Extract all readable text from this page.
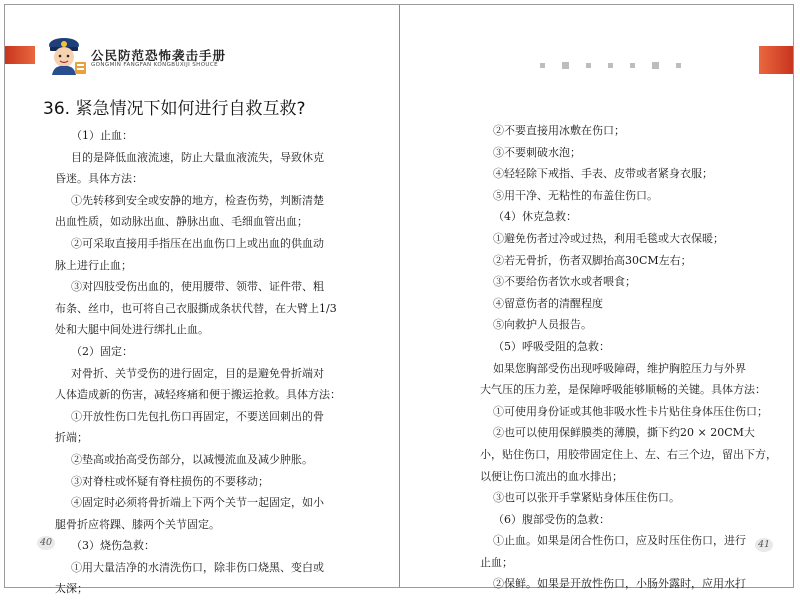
公民防范恐怖袭击手册
GONGMIN FANGFAN KONGBUXIJI SHOUCE
36. 紧急情况下如何进行自救互救?
（1）止血：
目的是降低血液流速，防止大量血液流失，导致休克
昏迷。具体方法：
①先转移到安全或安静的地方，检查伤势，判断清楚
出血性质，如动脉出血、静脉出血、毛细血管出血；
②可采取直接用手指压在出血伤口上或出血的供血动
脉上进行止血；
③对四肢受伤出血的，使用腰带、领带、证件带、粗
布条、丝巾，也可将自己衣服撕成条状代替，在大臂上1/3
处和大腿中间处进行绑扎止血。
（2）固定：
对骨折、关节受伤的进行固定，目的是避免骨折端对
人体造成新的伤害，减轻疼痛和便于搬运抢救。具体方法：
①开放性伤口先包扎伤口再固定，不要送回刺出的骨
折端；
②垫高或抬高受伤部分，以减慢流血及减少肿胀。
③对脊柱或怀疑有脊柱损伤的不要移动；
④固定时必须将骨折端上下两个关节一起固定，如小
腿骨折应将踝、膝两个关节固定。
（3）烧伤急救：
①用大量洁净的水清洗伤口，除非伤口烧黑、变白或
太深；
40	41
②不要直接用冰敷在伤口；
③不要刺破水泡；
④轻轻除下戒指、手表、皮带或者紧身衣服；
⑤用干净、无粘性的布盖住伤口。
（4）休克急救：
①避免伤者过冷或过热，利用毛毯或大衣保暖；
②若无骨折，伤者双脚抬高30CM左右；
③不要给伤者饮水或者喂食；
④留意伤者的清醒程度
⑤向救护人员报告。
（5）呼吸受阻的急救：
如果您胸部受伤出现呼吸障碍，维护胸腔压力与外界
大气压的压力差，是保障呼吸能够顺畅的关键。具体方法：
①可使用身份证或其他非吸水性卡片贴住身体压住伤口；
②也可以使用保鲜膜类的薄膜，撕下约20 × 20CM大
小，贴住伤口，用胶带固定住上、左、右三个边，留出下方，
以便让伤口流出的血水排出；
③也可以张开手掌紧贴身体压住伤口。
（6）腹部受伤的急救：
①止血。如果是闭合性伤口，应及时压住伤口，进行
止血；
②保鲜。如果是开放性伤口，小肠外露时，应用水打
